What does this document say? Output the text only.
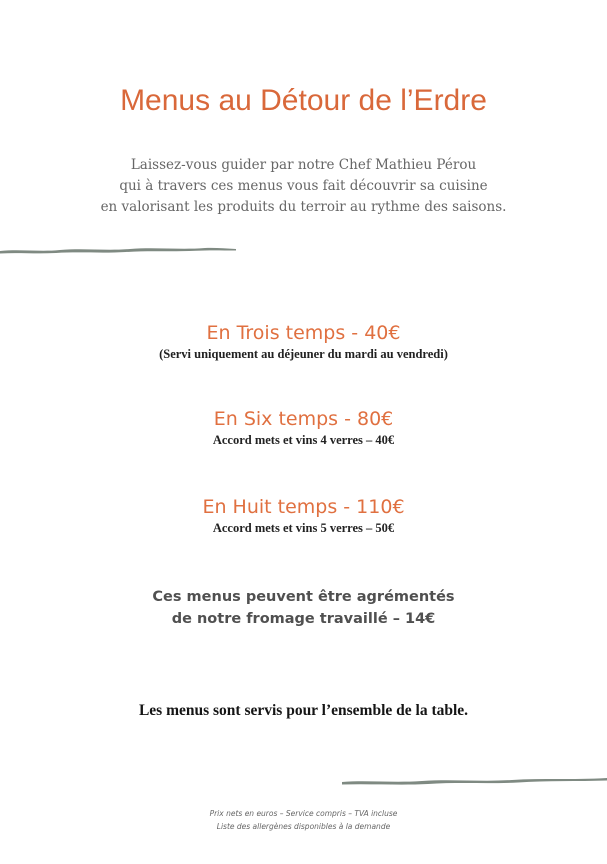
Menus au Détour de l’Erdre
Laissez-vous guider par notre Chef Mathieu Pérou
qui à travers ces menus vous fait découvrir sa cuisine
en valorisant les produits du terroir au rythme des saisons.
En Trois temps - 40€
(Servi uniquement au déjeuner du mardi au vendredi)
En Six temps - 80€
Accord mets et vins 4 verres – 40€
En Huit temps - 110€
Accord mets et vins 5 verres – 50€
Ces menus peuvent être agrémentés
de notre fromage travaillé – 14€
Les menus sont servis pour l’ensemble de la table.
Prix nets en euros – Service compris – TVA incluse
Liste des allergènes disponibles à la demande
